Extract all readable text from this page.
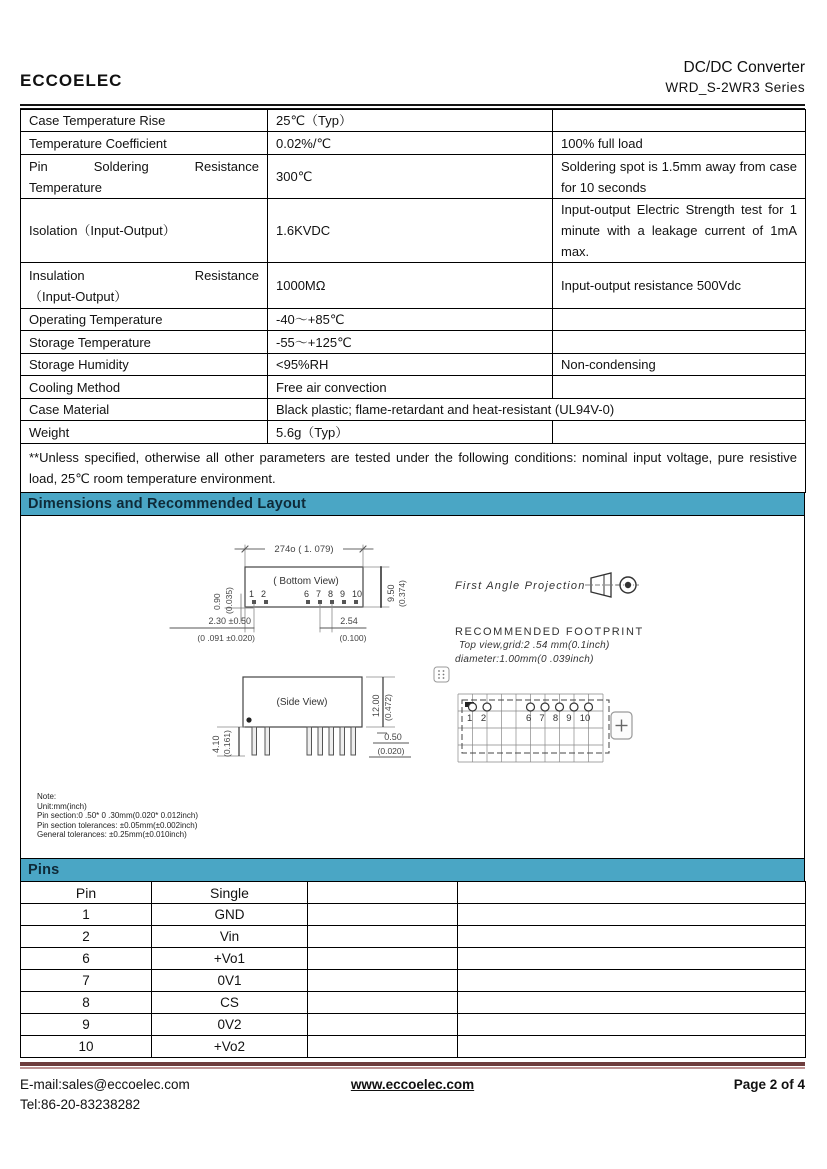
ECCOELEC
DC/DC Converter
WRD_S-2WR3 Series
Case Temperature Rise	25℃（Typ）	
Temperature Coefficient	0.02%/℃	100% full load

Pin Soldering Resistance
Temperature	300℃	Soldering spot is 1.5mm away from case for 10 seconds
Isolation（Input-Output）	1.6KVDC	Input-output Electric Strength test for 1 minute with a leakage current of 1mA max.

Insulation Resistance
（Input-Output）	1000MΩ	Input-output resistance 500Vdc
Operating Temperature	-40～+85℃	
Storage Temperature	-55～+125℃	
Storage Humidity	<95%RH	Non-condensing
Cooling Method	Free air convection	
Case Material	Black plastic; flame-retardant and heat-resistant (UL94V-0)	
Weight	5.6g（Typ）	
**Unless specified, otherwise all other parameters are tested under the following conditions: nominal input voltage, pure resistive load, 25℃ room temperature environment.		
Dimensions and Recommended Layout
274o ( 1. 079)
( Bottom View)
1 2	6 7 8 9 10
0.90 (0.035)	9.50 (0.374)
2.30 ±0.50
(0 .091 ±0.020)
2.54
(0.100)
(Side View)
4.10 (0.161)
12.00 (0.472)
0.50
(0.020)
First Angle Projection
RECOMMENDED FOOTPRINT
Top view,grid:2 .54 mm(0.1inch)
diameter:1.00mm(0 .039inch)
1 2	6 7 8 9 10
Note:
Unit:mm(inch)
Pin section:0 .50* 0 .30mm(0.020* 0.012inch)
Pin section tolerances: ±0.05mm(±0.002inch)
General tolerances: ±0.25mm(±0.010inch)
Pins
Pin	Single		
1	GND		
2	Vin		
6	+Vo1		
7	0V1		
8	CS		
9	0V2		
10	+Vo2		
E-mail:sales@eccoelec.com
Tel:86-20-83238282
www.eccoelec.com	Page 2 of 4
